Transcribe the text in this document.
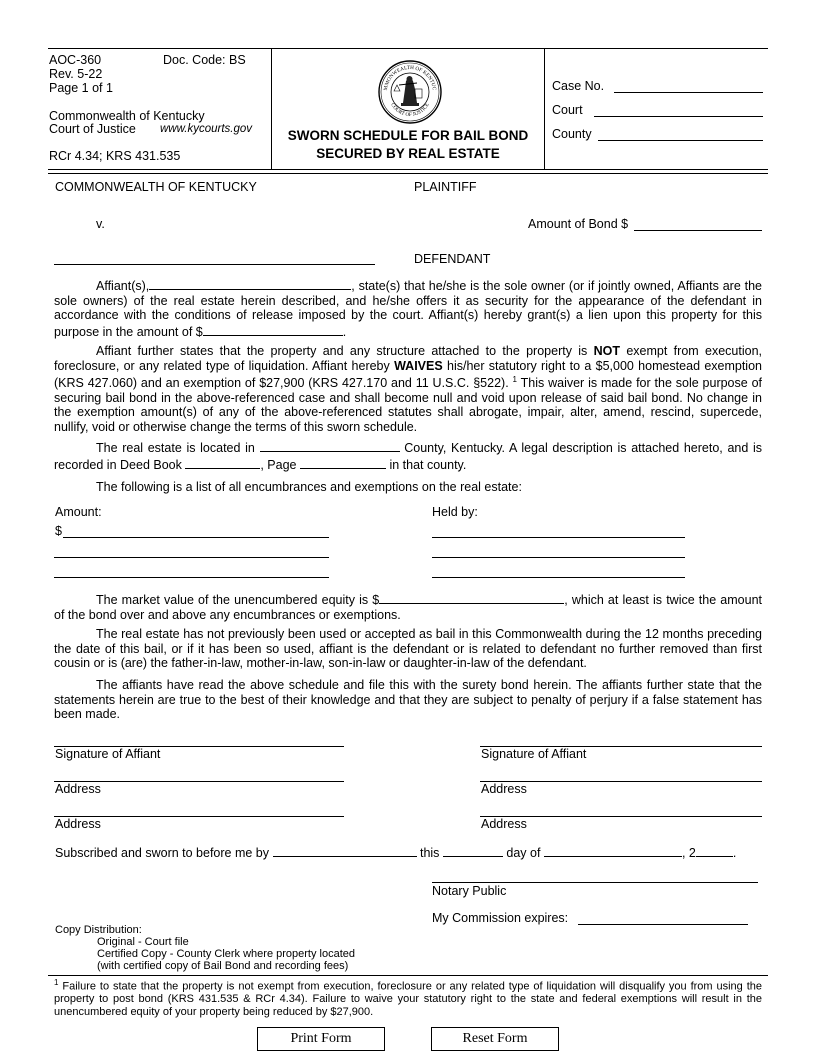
AOC-360	Doc. Code: BS
Rev. 5-22
Page 1 of 1
Commonwealth of Kentucky
Court of Justice www.kycourts.gov
RCr 4.34; KRS 431.535
MMONWEALTH OF KENTUC
COURT OF JUSTICE
SWORN SCHEDULE FOR BAIL BOND
SECURED BY REAL ESTATE
Case No.
Court
County
COMMONWEALTH OF KENTUCKY	PLAINTIFF
v.	Amount of Bond $
DEFENDANT
Affiant(s),	, state(s) that he/she is the sole owner (or if jointly owned, Affiants are the sole owners) of the real estate herein described, and he/she offers it as security for the appearance of the defendant in accordance with the conditions of release imposed by the court. Affiant(s) hereby grant(s) a lien upon this property for this purpose in the amount of $	.
Affiant further states that the property and any structure attached to the property is NOT exempt from execution, foreclosure, or any related type of liquidation. Affiant hereby WAIVES his/her statutory right to a $5,000 homestead exemption (KRS 427.060) and an exemption of $27,900 (KRS 427.170 and 11 U.S.C. §522). $^1$ This waiver is made for the sole purpose of securing bail bond in the above-referenced case and shall become null and void upon release of said bail bond. No change in the exemption amount(s) of any of the above-referenced statutes shall abrogate, impair, alter, amend, rescind, supercede, nullify, void or otherwise change the terms of this sworn schedule.
The real estate is located in	County, Kentucky. A legal description is attached hereto, and is recorded in Deed Book	, Page	in that county.
The following is a list of all encumbrances and exemptions on the real estate:
Amount:	Held by:
$
The market value of the unencumbered equity is $	, which at least is twice the amount of the bond over and above any encumbrances or exemptions.
The real estate has not previously been used or accepted as bail in this Commonwealth during the 12 months preceding the date of this bail, or if it has been so used, affiant is the defendant or is related to defendant no further removed than first cousin or is (are) the father-in-law, mother-in-law, son-in-law or daughter-in-law of the defendant.
The affiants have read the above schedule and file this with the surety bond herein. The affiants further state that the statements herein are true to the best of their knowledge and that they are subject to penalty of perjury if a false statement has been made.
Signature of Affiant	Signature of Affiant
Address	Address
Address	Address
Subscribed and sworn to before me by	this	day of	, 2	.
Notary Public
My Commission expires:
Copy Distribution:
Original - Court file
Certified Copy - County Clerk where property located
(with certified copy of Bail Bond and recording fees)
$^1$ Failure to state that the property is not exempt from execution, foreclosure or any related type of liquidation will disqualify you from using the property to post bond (KRS 431.535 & RCr 4.34). Failure to waive your statutory right to the state and federal exemptions will result in the unencumbered equity of your property being reduced by $27,900.
Print Form	Reset Form
